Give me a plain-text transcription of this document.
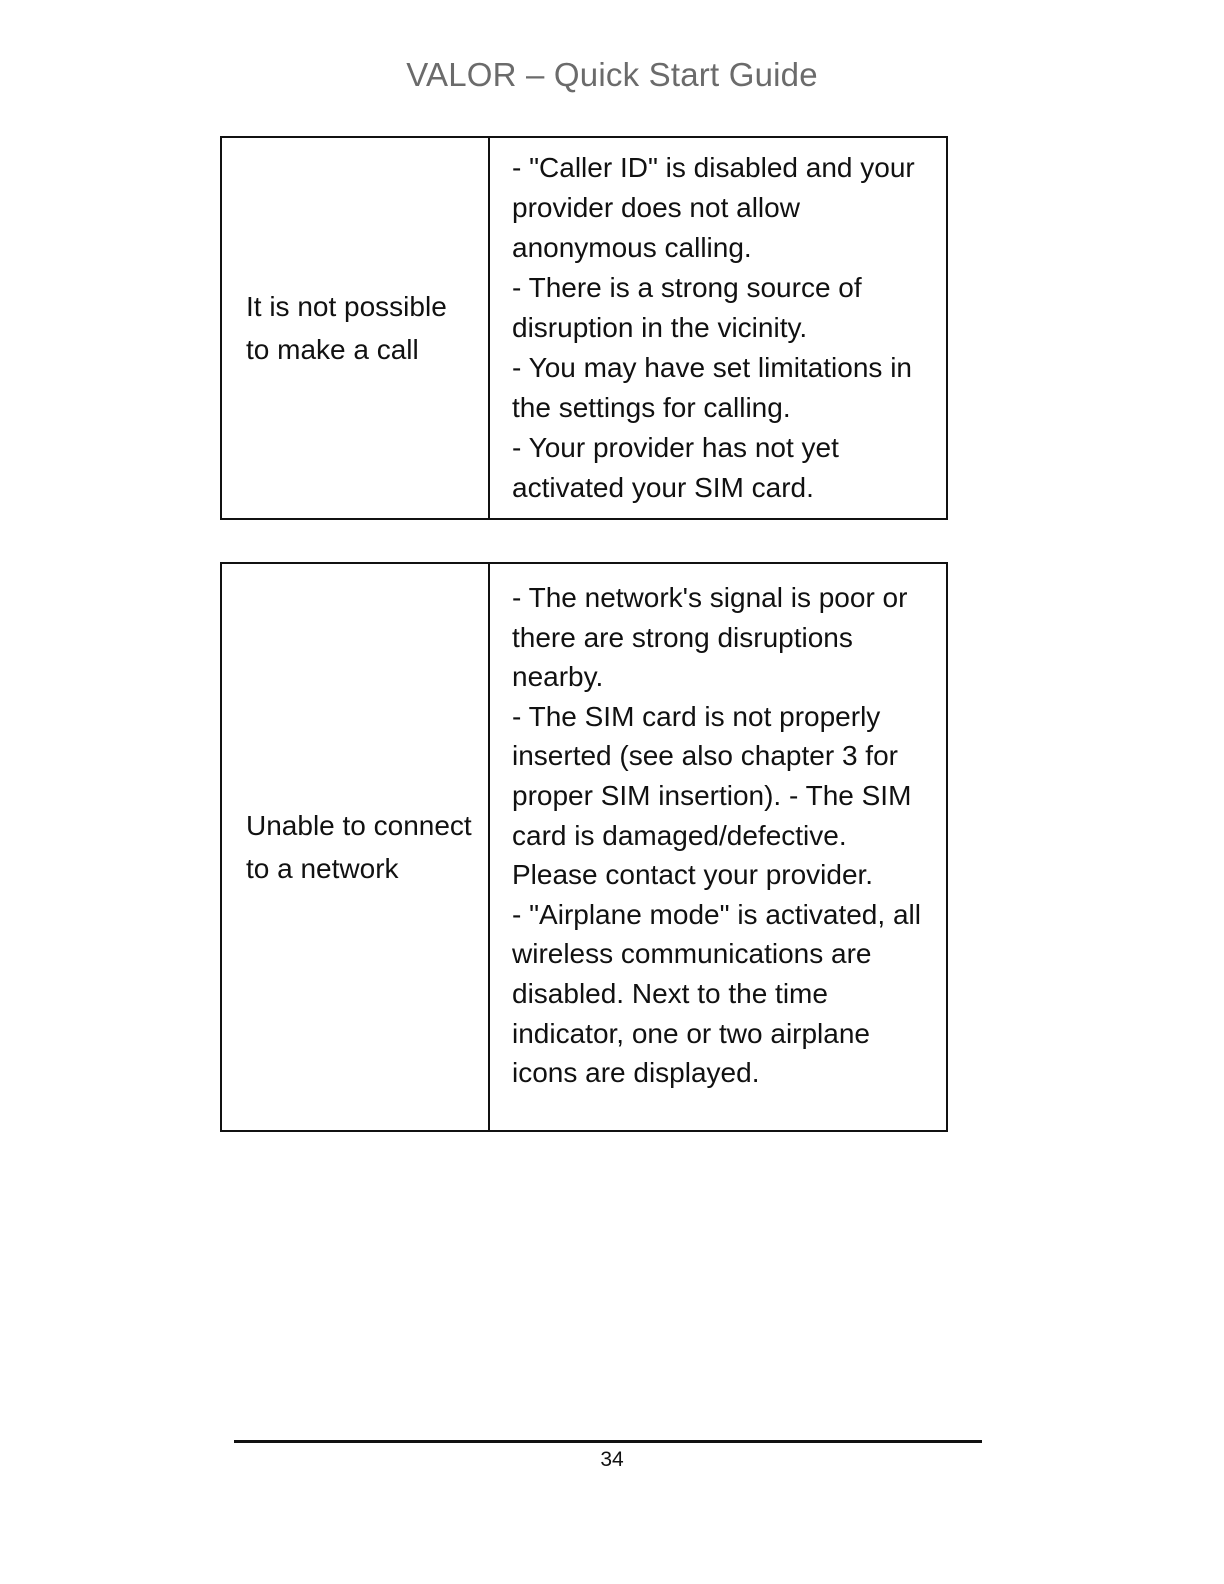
VALOR – Quick Start Guide
It is not possible to make a call

- "Caller ID" is disabled and your provider does not allow anonymous calling.

- There is a strong source of disruption in the vicinity.

- You may have set limitations in the settings for calling.

- Your provider has not yet activated your SIM card.

Unable to connect to a network

- The network's signal is poor or there are strong disruptions nearby.

- The SIM card is not properly inserted (see also chapter 3 for proper SIM insertion). - The SIM card is damaged/defective. Please contact your provider.

- "Airplane mode" is activated, all wireless communications are disabled. Next to the time indicator, one or two airplane icons are displayed.

34
